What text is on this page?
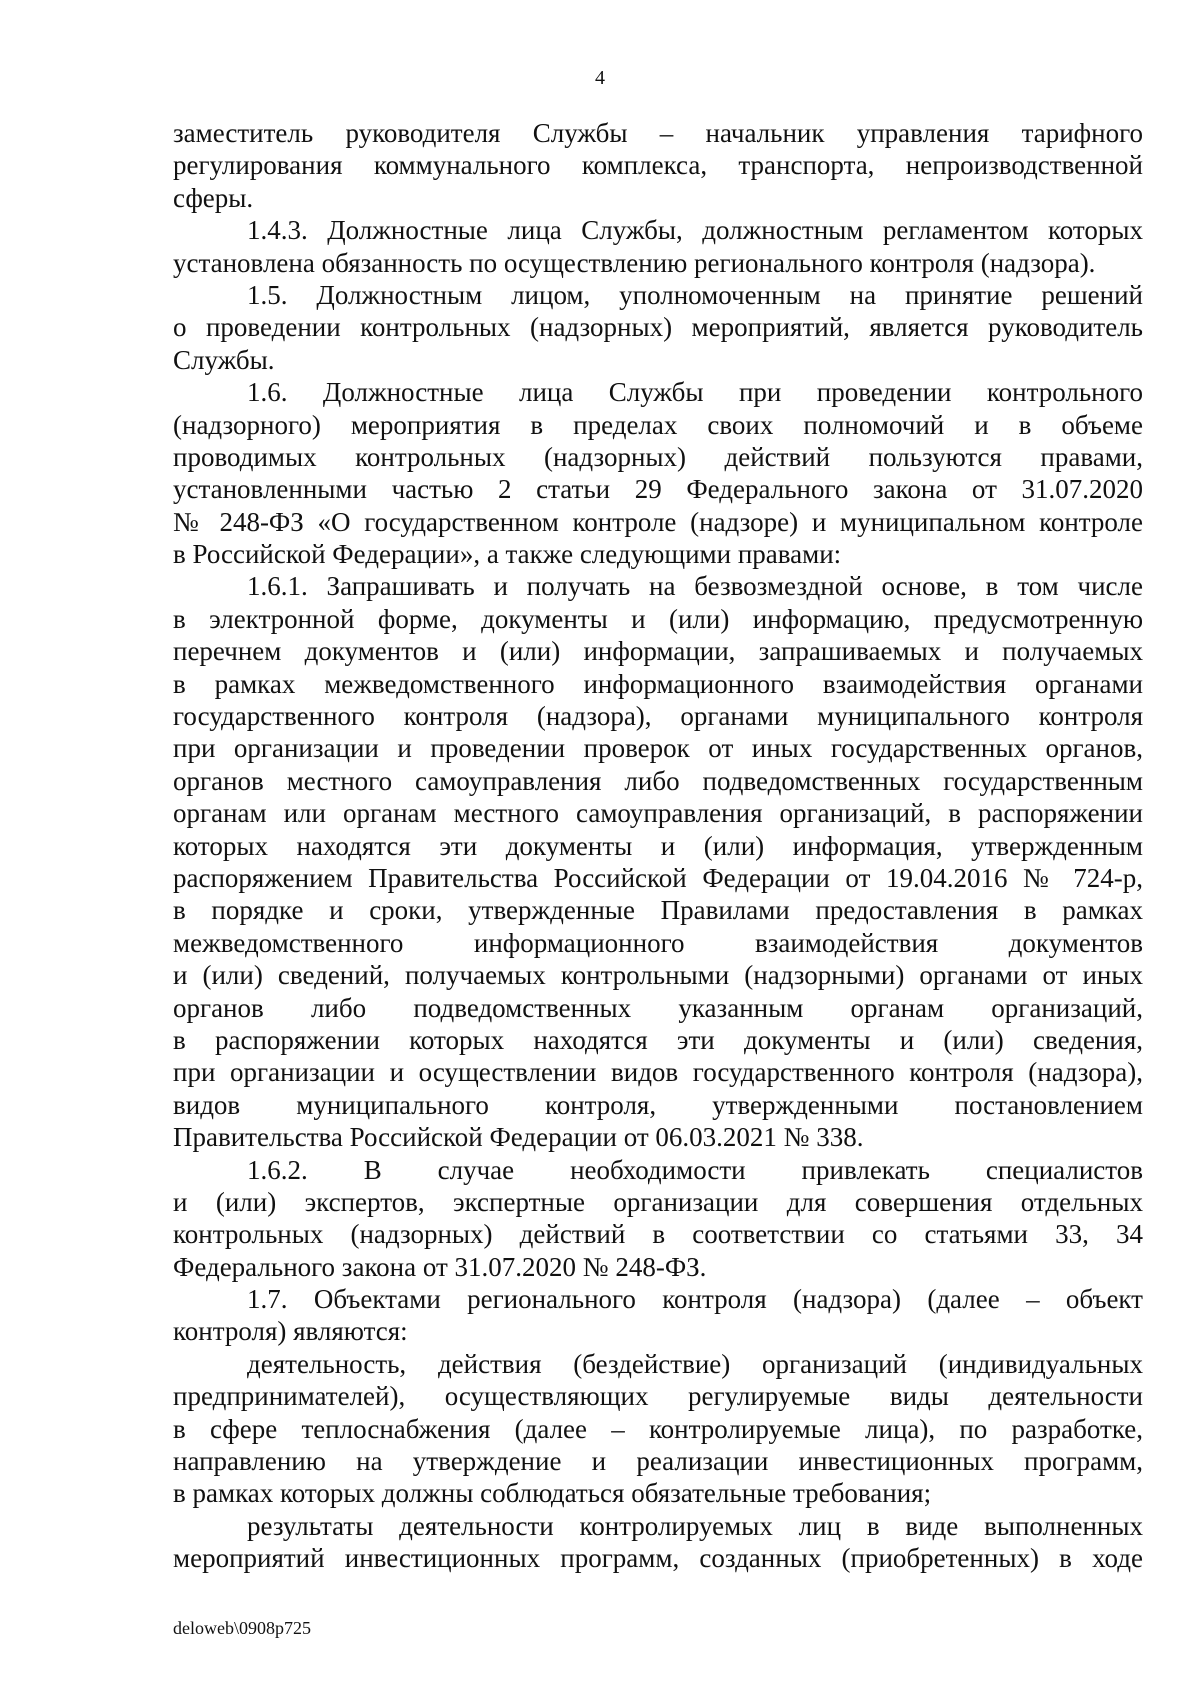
4
заместитель руководителя Службы – начальник управления тарифного
регулирования коммунального комплекса, транспорта, непроизводственной
сферы.
1.4.3. Должностные лица Службы, должностным регламентом которых
установлена обязанность по осуществлению регионального контроля (надзора).
1.5. Должностным лицом, уполномоченным на принятие решений
о проведении контрольных (надзорных) мероприятий, является руководитель
Службы.
1.6. Должностные лица Службы при проведении контрольного
(надзорного) мероприятия в пределах своих полномочий и в объеме
проводимых контрольных (надзорных) действий пользуются правами,
установленными частью 2 статьи 29 Федерального закона от 31.07.2020
№ 248-ФЗ «О государственном контроле (надзоре) и муниципальном контроле
в Российской Федерации», а также следующими правами:
1.6.1. Запрашивать и получать на безвозмездной основе, в том числе
в электронной форме, документы и (или) информацию, предусмотренную
перечнем документов и (или) информации, запрашиваемых и получаемых
в рамках межведомственного информационного взаимодействия органами
государственного контроля (надзора), органами муниципального контроля
при организации и проведении проверок от иных государственных органов,
органов местного самоуправления либо подведомственных государственным
органам или органам местного самоуправления организаций, в распоряжении
которых находятся эти документы и (или) информация, утвержденным
распоряжением Правительства Российской Федерации от 19.04.2016 № 724-р,
в порядке и сроки, утвержденные Правилами предоставления в рамках
межведомственного информационного взаимодействия документов
и (или) сведений, получаемых контрольными (надзорными) органами от иных
органов либо подведомственных указанным органам организаций,
в распоряжении которых находятся эти документы и (или) сведения,
при организации и осуществлении видов государственного контроля (надзора),
видов муниципального контроля, утвержденными постановлением
Правительства Российской Федерации от 06.03.2021 № 338.
1.6.2. В случае необходимости привлекать специалистов
и (или) экспертов, экспертные организации для совершения отдельных
контрольных (надзорных) действий в соответствии со статьями 33, 34
Федерального закона от 31.07.2020 № 248-ФЗ.
1.7. Объектами регионального контроля (надзора) (далее – объект
контроля) являются:
деятельность, действия (бездействие) организаций (индивидуальных
предпринимателей), осуществляющих регулируемые виды деятельности
в сфере теплоснабжения (далее – контролируемые лица), по разработке,
направлению на утверждение и реализации инвестиционных программ,
в рамках которых должны соблюдаться обязательные требования;
результаты деятельности контролируемых лиц в виде выполненных
мероприятий инвестиционных программ, созданных (приобретенных) в ходе
deloweb\0908p725
